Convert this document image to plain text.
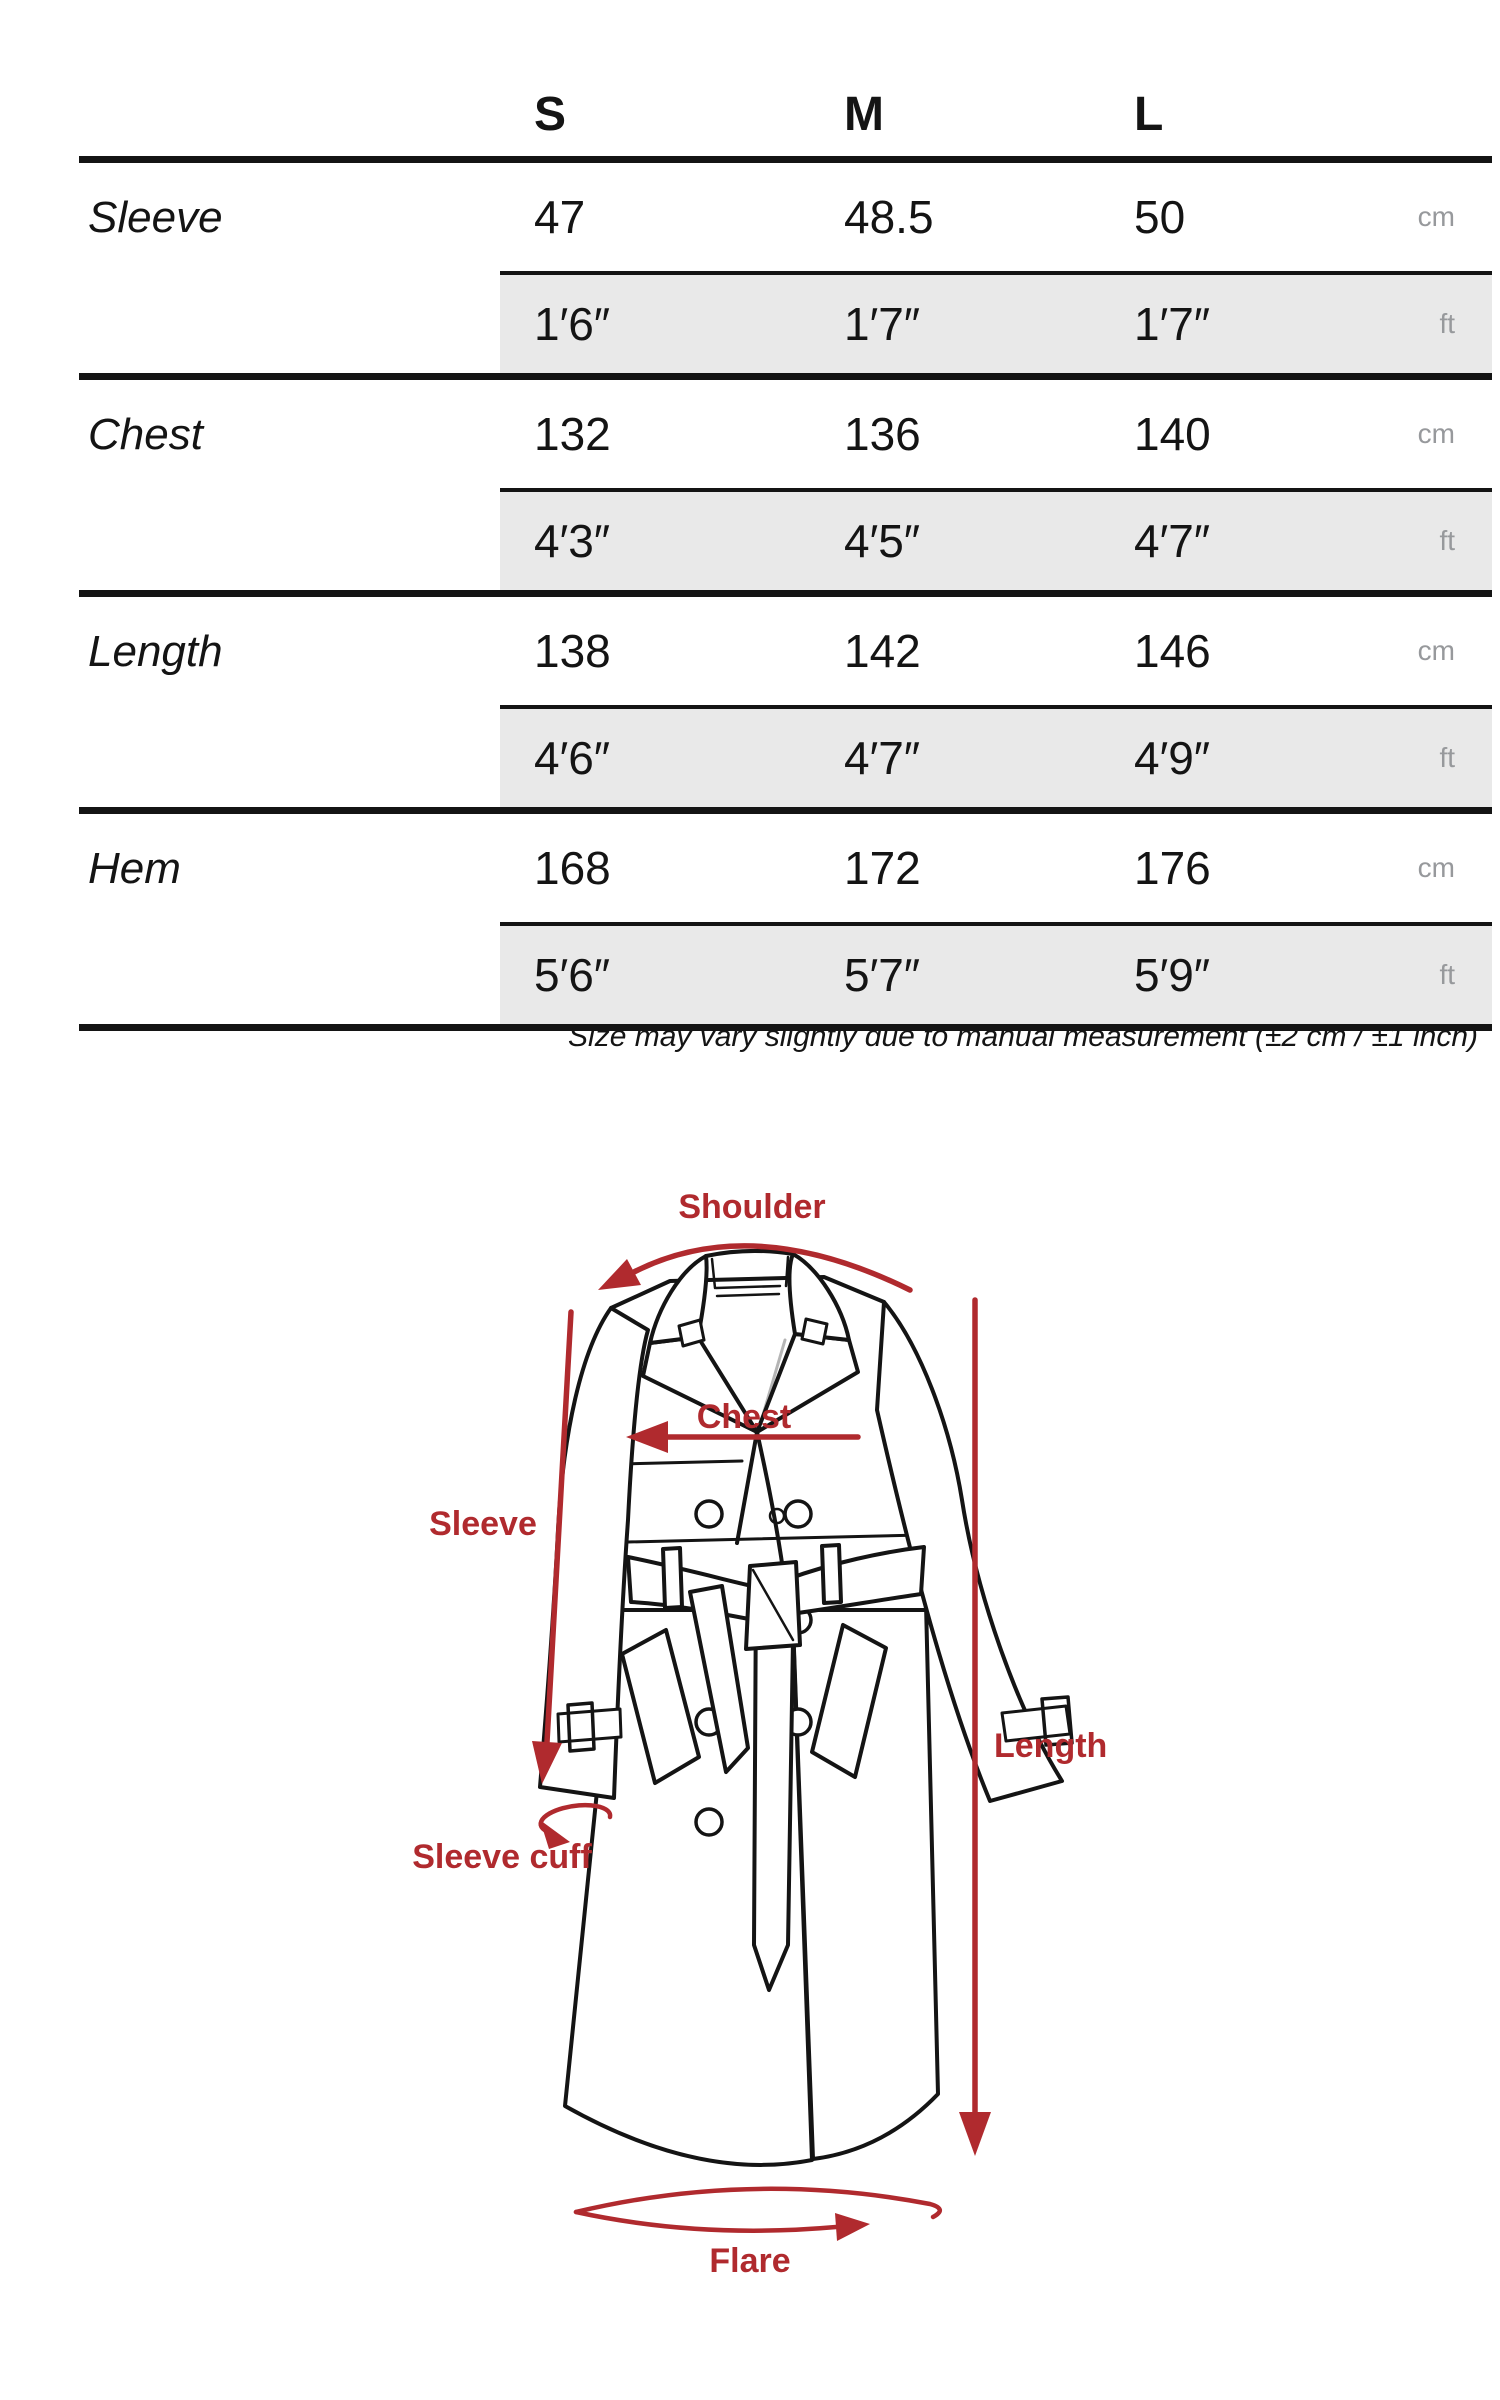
	S	M	L	
Sleeve	47	48.5	50	cm
	1′6″	1′7″	1′7″	ft
Chest	132	136	140	cm
	4′3″	4′5″	4′7″	ft
Length	138	142	146	cm
	4′6″	4′7″	4′9″	ft
Hem	168	172	176	cm
	5′6″	5′7″	5′9″	ft
Size may vary slightly due to manual measurement (±2 cm / ±1 inch)
Shoulder
Chest
Sleeve
Length
Sleeve cuff
Flare
